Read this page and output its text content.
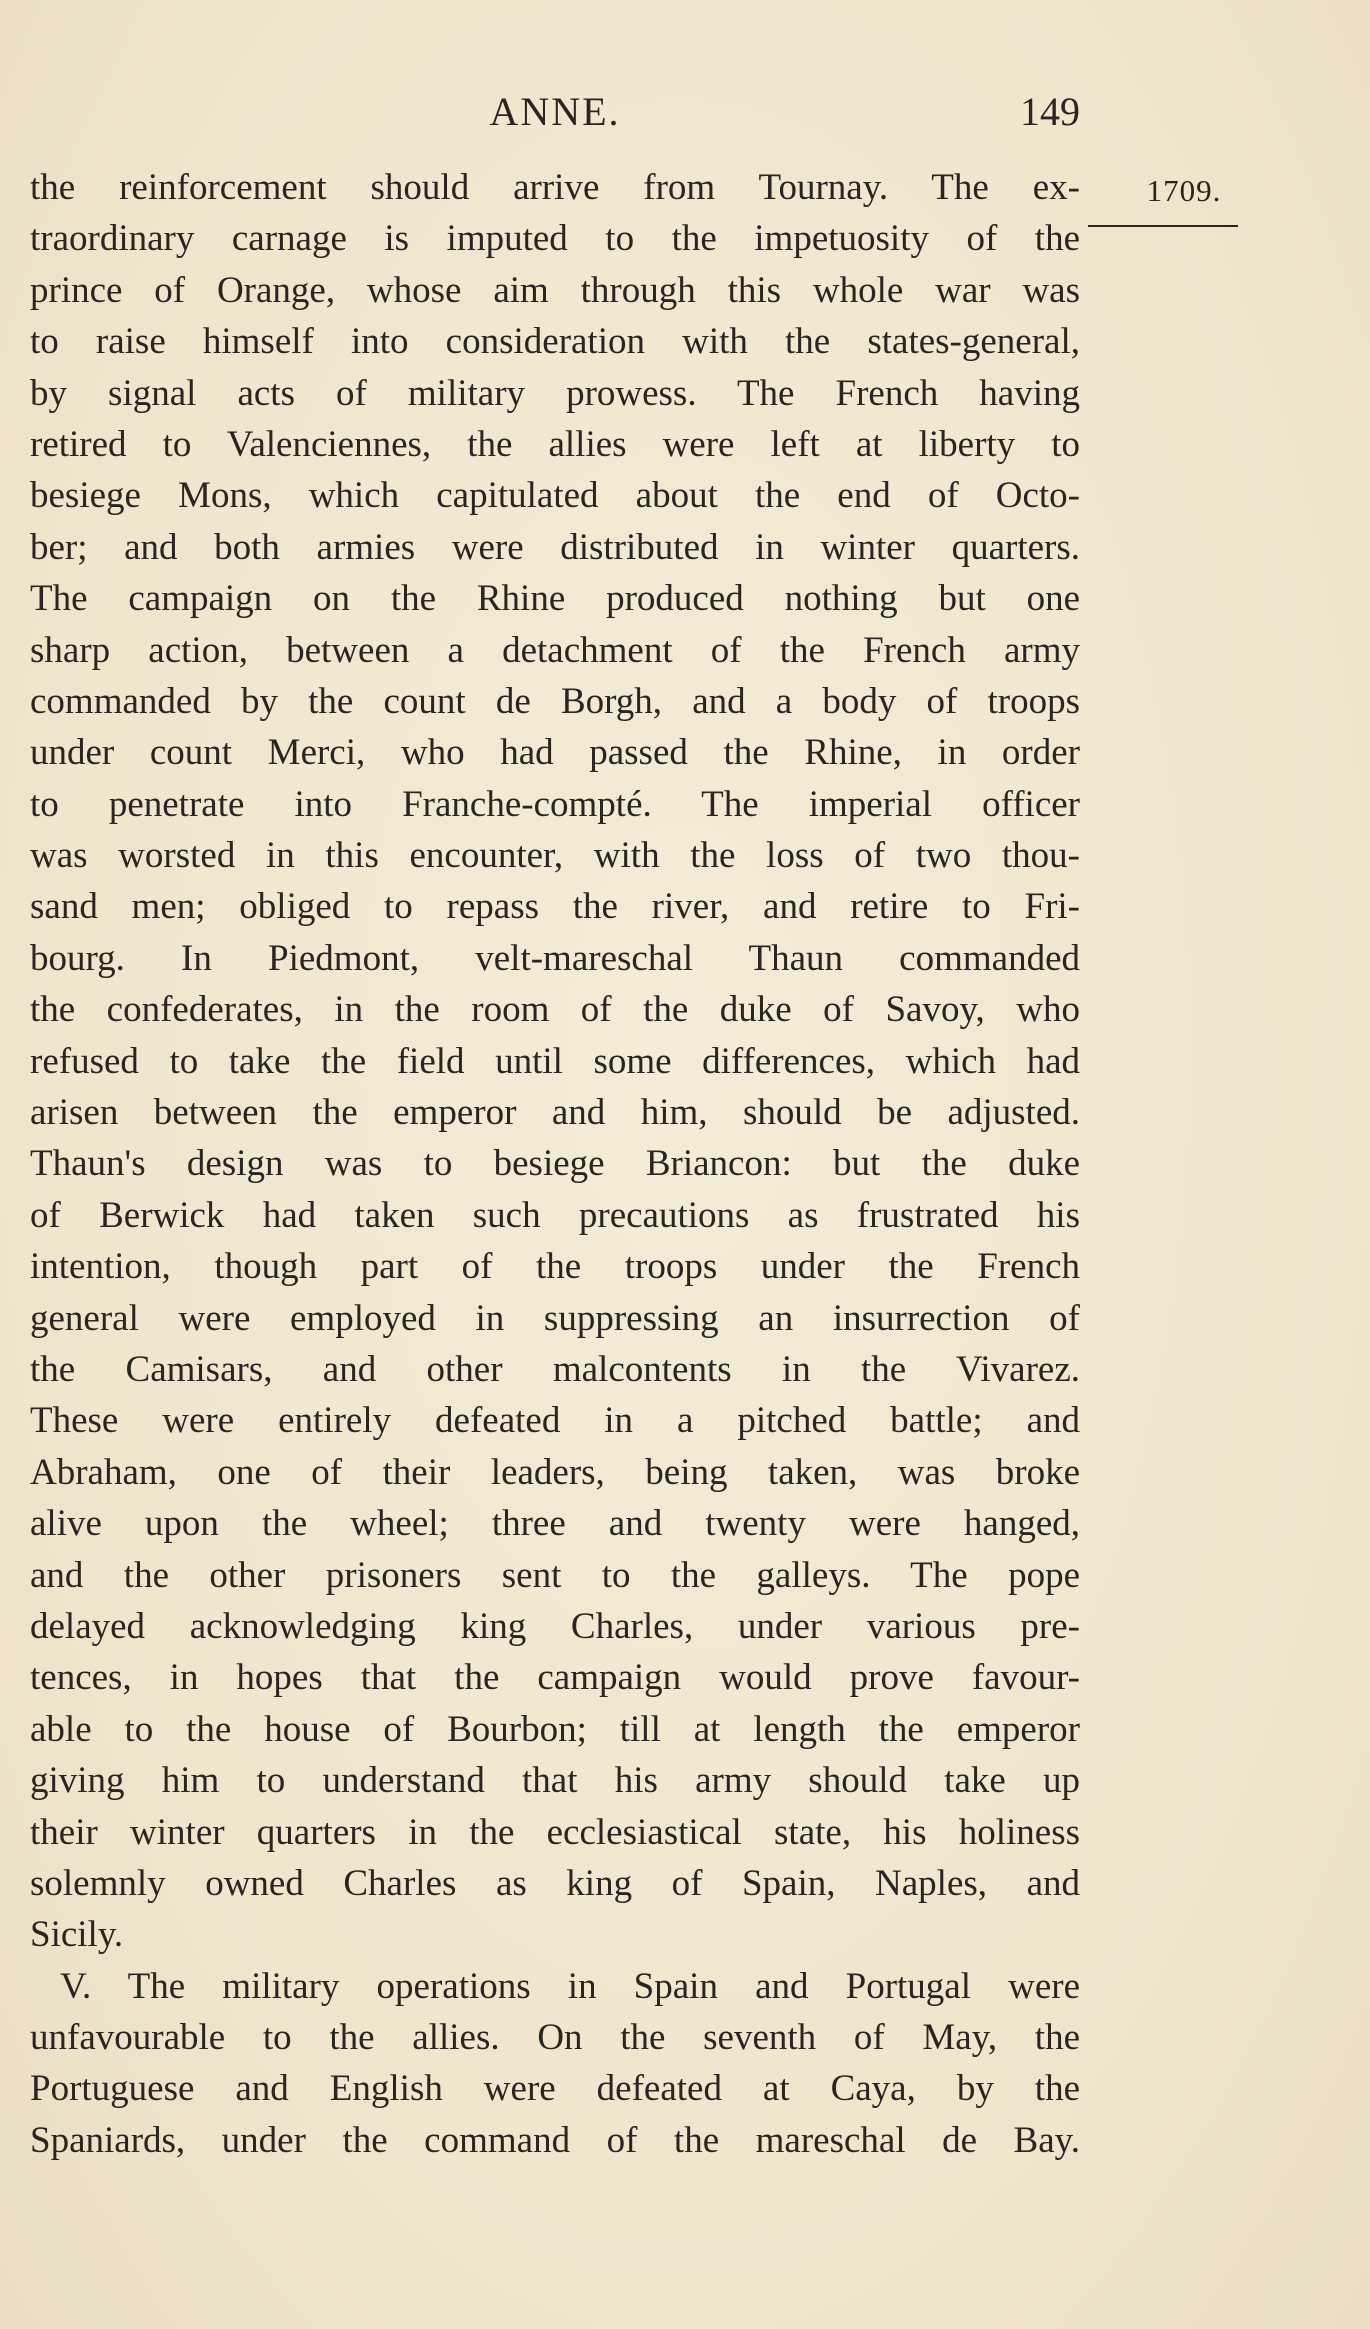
ANNE.	149
1709.
the reinforcement should arrive from Tournay. The ex-
traordinary carnage is imputed to the impetuosity of the
prince of Orange, whose aim through this whole war was
to raise himself into consideration with the states-general,
by signal acts of military prowess. The French having
retired to Valenciennes, the allies were left at liberty to
besiege Mons, which capitulated about the end of Octo-
ber; and both armies were distributed in winter quarters.
The campaign on the Rhine produced nothing but one
sharp action, between a detachment of the French army
commanded by the count de Borgh, and a body of troops
under count Merci, who had passed the Rhine, in order
to penetrate into Franche-compté. The imperial officer
was worsted in this encounter, with the loss of two thou-
sand men; obliged to repass the river, and retire to Fri-
bourg. In Piedmont, velt-mareschal Thaun commanded
the confederates, in the room of the duke of Savoy, who
refused to take the field until some differences, which had
arisen between the emperor and him, should be adjusted.
Thaun's design was to besiege Briancon: but the duke
of Berwick had taken such precautions as frustrated his
intention, though part of the troops under the French
general were employed in suppressing an insurrection of
the Camisars, and other malcontents in the Vivarez.
These were entirely defeated in a pitched battle; and
Abraham, one of their leaders, being taken, was broke
alive upon the wheel; three and twenty were hanged,
and the other prisoners sent to the galleys. The pope
delayed acknowledging king Charles, under various pre-
tences, in hopes that the campaign would prove favour-
able to the house of Bourbon; till at length the emperor
giving him to understand that his army should take up
their winter quarters in the ecclesiastical state, his holiness
solemnly owned Charles as king of Spain, Naples, and
Sicily.
V. The military operations in Spain and Portugal were
unfavourable to the allies. On the seventh of May, the
Portuguese and English were defeated at Caya, by the
Spaniards, under the command of the mareschal de Bay.
